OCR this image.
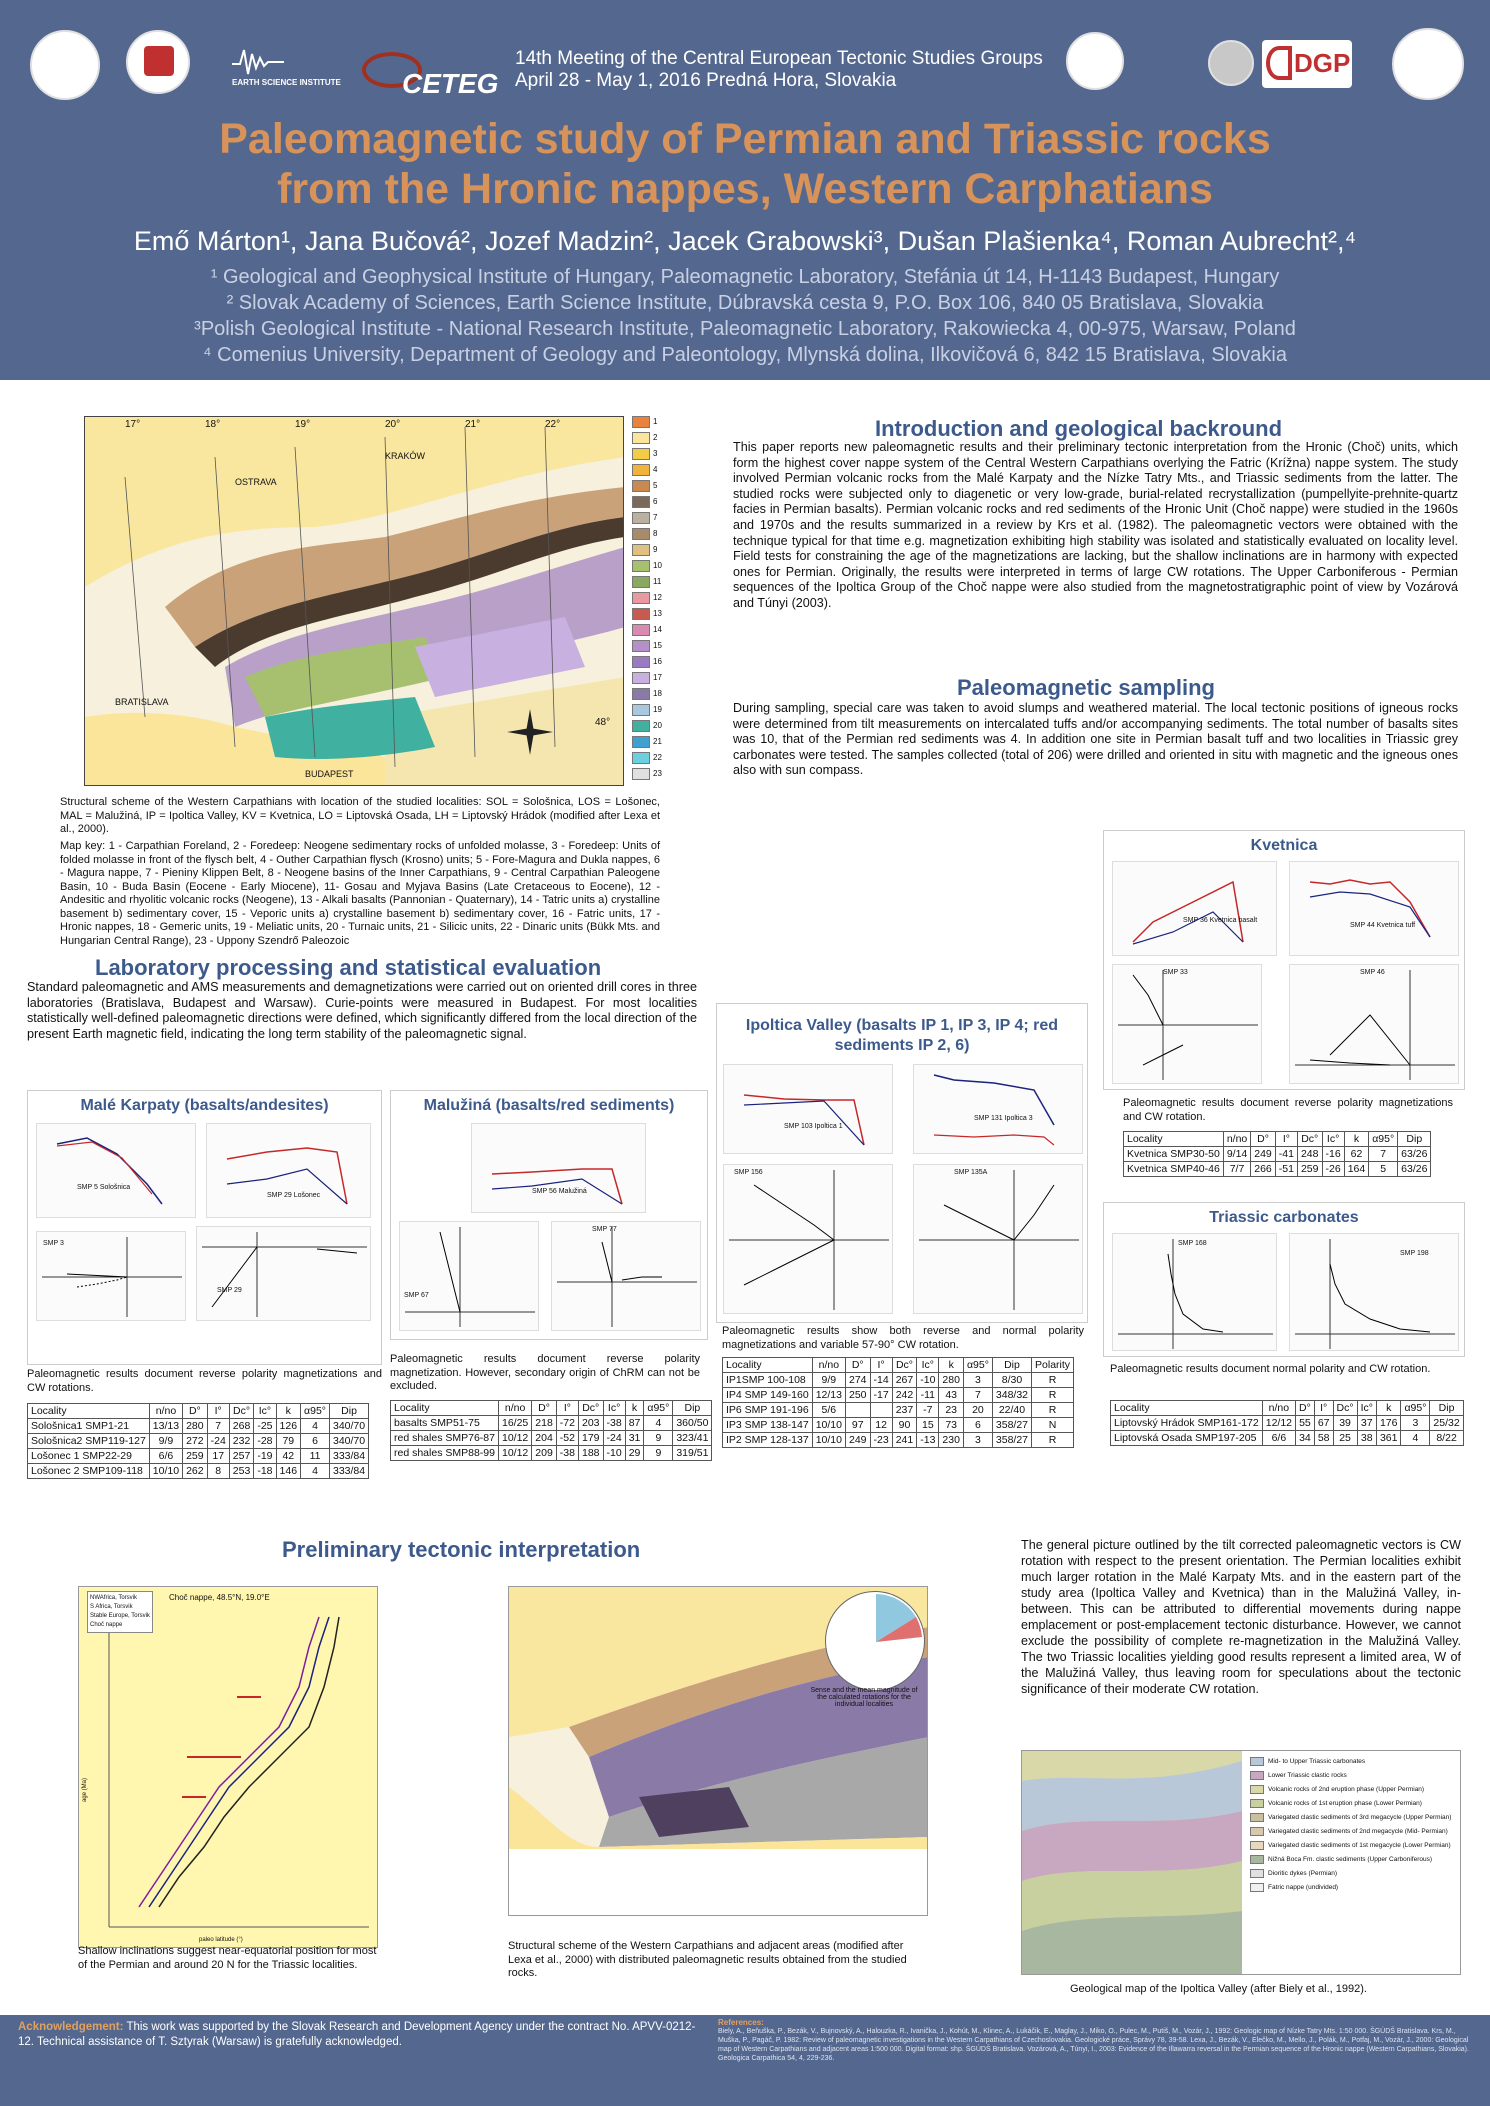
EARTH SCIENCE INSTITUTE CETEG
14th Meeting of the Central European Tectonic Studies Groups
April 28 - May 1, 2016 Predná Hora, Slovakia
DGP
Paleomagnetic study of Permian and Triassic rocks
from the Hronic nappes, Western Carphatians
Emő Márton¹, Jana Bučová², Jozef Madzin², Jacek Grabowski³, Dušan Plašienka⁴, Roman Aubrecht²,⁴
¹ Geological and Geophysical Institute of Hungary, Paleomagnetic Laboratory, Stefánia út 14, H-1143 Budapest, Hungary
² Slovak Academy of Sciences, Earth Science Institute, Dúbravská cesta 9, P.O. Box 106, 840 05 Bratislava, Slovakia
³Polish Geological Institute - National Research Institute, Paleomagnetic Laboratory, Rakowiecka 4, 00-975, Warsaw, Poland
⁴ Comenius University, Department of Geology and Paleontology, Mlynská dolina, Ilkovičová 6, 842 15 Bratislava, Slovakia
17°	18°	19°	20°	21°	22°
48°
OSTRAVA
KRAKÓW
BRATISLAVA
BUDAPEST
1
2
3
4
5
6
7
8
9
10
11
12
13
14
15
16
17
18
19
20
21
22
23
Structural scheme of the Western Carpathians with location of the studied localities: SOL = Sološnica, LOS = Lošonec, MAL = Malužiná, IP = Ipoltica Valley, KV = Kvetnica, LO = Liptovská Osada, LH = Liptovský Hrádok (modified after Lexa et al., 2000).
Map key: 1 - Carpathian Foreland, 2 - Foredeep: Neogene sedimentary rocks of unfolded molasse, 3 - Foredeep: Units of folded molasse in front of the flysch belt, 4 - Outher Carpathian flysch (Krosno) units; 5 - Fore-Magura and Dukla nappes, 6 - Magura nappe, 7 - Pieniny Klippen Belt, 8 - Neogene basins of the Inner Carpathians, 9 - Central Carpathian Paleogene Basin, 10 - Buda Basin (Eocene - Early Miocene), 11- Gosau and Myjava Basins (Late Cretaceous to Eocene), 12 - Andesitic and rhyolitic volcanic rocks (Neogene), 13 - Alkali basalts (Pannonian - Quaternary), 14 - Tatric units a) crystalline basement b) sedimentary cover, 15 - Veporic units a) crystalline basement b) sedimentary cover, 16 - Fatric units, 17 - Hronic nappes, 18 - Gemeric units, 19 - Meliatic units, 20 - Turnaic units, 21 - Silicic units, 22 - Dinaric units (Bükk Mts. and Hungarian Central Range), 23 - Uppony Szendrő Paleozoic
Introduction and geological backround
This paper reports new paleomagnetic results and their preliminary tectonic interpretation from the Hronic (Choč) units, which form the highest cover nappe system of the Central Western Carpathians overlying the Fatric (Krížna) nappe system. The study involved Permian volcanic rocks from the Malé Karpaty and the Nízke Tatry Mts., and Triassic sediments from the latter. The studied rocks were subjected only to diagenetic or very low-grade, burial-related recrystallization (pumpellyite-prehnite-quartz facies in Permian basalts). Permian volcanic rocks and red sediments of the Hronic Unit (Choč nappe) were studied in the 1960s and 1970s and the results summarized in a review by Krs et al. (1982). The paleomagnetic vectors were obtained with the technique typical for that time e.g. magnetization exhibiting high stability was isolated and statistically evaluated on locality level. Field tests for constraining the age of the magnetizations are lacking, but the shallow inclinations are in harmony with expected ones for Permian. Originally, the results were interpreted in terms of large CW rotations. The Upper Carboniferous - Permian sequences of the Ipoltica Group of the Choč nappe were also studied from the magnetostratigraphic point of view by Vozárová and Túnyi (2003).
Paleomagnetic sampling
During sampling, special care was taken to avoid slumps and weathered material. The local tectonic positions of igneous rocks were determined from tilt measurements on intercalated tuffs and/or accompanying sediments. The total number of basalts sites was 10, that of the Permian red sediments was 4. In addition one site in Permian basalt tuff and two localities in Triassic grey carbonates were tested. The samples collected (total of 206) were drilled and oriented in situ with magnetic and the igneous ones also with sun compass.
Laboratory processing and statistical evaluation
Standard paleomagnetic and AMS measurements and demagnetizations were carried out on oriented drill cores in three laboratories (Bratislava, Budapest and Warsaw). Curie-points were measured in Budapest. For most localities statistically well-defined paleomagnetic directions were defined, which significantly differed from the local direction of the present Earth magnetic field, indicating the long term stability of the paleomagnetic signal.
Malé Karpaty (basalts/andesites)
SMP 5 Sološnica
SMP 29 Lošonec
SMP 3
SMP 29
Paleomagnetic results document reverse polarity magnetizations and CW rotations.
Locality	n/no	D°	I°	Dc°	Ic°	k	α95°	Dip
Sološnica1 SMP1-21	13/13	280	7	268	-25	126	4	340/70
Sološnica2 SMP119-127	9/9	272	-24	232	-28	79	6	340/70
Lošonec 1 SMP22-29	6/6	259	17	257	-19	42	11	333/84
Lošonec 2 SMP109-118	10/10	262	8	253	-18	146	4	333/84
Malužiná (basalts/red sediments)
SMP 56 Malužiná
SMP 67
SMP 77
Paleomagnetic results document reverse polarity magnetization. However, secondary origin of ChRM can not be excluded.
Locality	n/no	D°	I°	Dc°	Ic°	k	α95°	Dip
basalts SMP51-75	16/25	218	-72	203	-38	87	4	360/50
red shales SMP76-87	10/12	204	-52	179	-24	31	9	323/41
red shales SMP88-99	10/12	209	-38	188	-10	29	9	319/51
Ipoltica Valley (basalts IP 1, IP 3, IP 4; red sediments IP 2, 6)
SMP 103 Ipoltica 1
SMP 131 Ipoltica 3
SMP 156	SMP 135A
Paleomagnetic results show both reverse and normal polarity magnetizations and variable 57-90° CW rotation.
Locality	n/no	D°	I°	Dc°	Ic°	k	α95°	Dip	Polarity
IP1SMP 100-108	9/9	274	-14	267	-10	280	3	8/30	R
IP4 SMP 149-160	12/13	250	-17	242	-11	43	7	348/32	R
IP6 SMP 191-196	5/6			237	-7	23	20	22/40	R
IP3 SMP 138-147	10/10	97	12	90	15	73	6	358/27	N
IP2 SMP 128-137	10/10	249	-23	241	-13	230	3	358/27	R
Kvetnica
SMP 36 Kvetnica basalt
SMP 44 Kvetnica tuff
SMP 33	SMP 46
Paleomagnetic results document reverse polarity magnetizations and CW rotation.
Locality	n/no	D°	I°	Dc°	Ic°	k	α95°	Dip
Kvetnica SMP30-50	9/14	249	-41	248	-16	62	7	63/26
Kvetnica SMP40-46	7/7	266	-51	259	-26	164	5	63/26
Triassic carbonates
SMP 168
SMP 198
Paleomagnetic results document normal polarity and CW rotation.
Locality	n/no	D°	I°	Dc°	Ic°	k	α95°	Dip
Liptovský Hrádok SMP161-172	12/12	55	67	39	37	176	3	25/32
Liptovská Osada SMP197-205	6/6	34	58	25	38	361	4	8/22
Preliminary tectonic interpretation
Choč nappe, 48.5°N, 19.0°E
NWAfrica, Torsvik
S Africa, Torsvik
Stable Europe, Torsvik
Choč nappe
paleo latitude (°)
age (Ma)
Shallow inclinations suggest near-equatorial position for most of the Permian and around 20 N for the Triassic localities.
Sense and the mean magnitude of the calculated rotations for the individual localities
Structural scheme of the Western Carpathians and adjacent areas (modified after Lexa et al., 2000) with distributed paleomagnetic results obtained from the studied rocks.
The general picture outlined by the tilt corrected paleomagnetic vectors is CW rotation with respect to the present orientation. The Permian localities exhibit much larger rotation in the Malé Karpaty Mts. and in the eastern part of the study area (Ipoltica Valley and Kvetnica) than in the Malužiná Valley, in-between. This can be attributed to differential movements during nappe emplacement or post-emplacement tectonic disturbance. However, we cannot exclude the possibility of complete re-magnetization in the Malužiná Valley. The two Triassic localities yielding good results represent a limited area, W of the Malužiná Valley, thus leaving room for speculations about the tectonic significance of their moderate CW rotation.
Mid- to Upper Triassic carbonates
Lower Triassic clastic rocks
Volcanic rocks of 2nd eruption phase (Upper Permian)
Volcanic rocks of 1st eruption phase (Lower Permian)
Variegated clastic sediments of 3rd megacycle (Upper Permian)
Variegated clastic sediments of 2nd megacycle (Mid- Permian)
Variegated clastic sediments of 1st megacycle (Lower Permian)
Nižná Boca Fm. clastic sediments (Upper Carboniferous)
Dioritic dykes (Permian)
Fatric nappe (undivided)
Geological map of the Ipoltica Valley (after Biely et al., 1992).
Acknowledgement: This work was supported by the Slovak Research and Development Agency under the contract No. APVV-0212-12. Technical assistance of T. Sztyrak (Warsaw) is gratefully acknowledged.
References:
Biely, A., Beňuška, P., Bezák, V., Bujnovský, A., Halouzka, R., Ivanička, J., Kohút, M., Klinec, A., Lukáčik, E., Maglay, J., Miko, O., Pulec, M., Putiš, M., Vozár, J., 1992: Geologic map of Nízke Tatry Mts. 1:50 000. ŠGÚDŠ Bratislava. Krs, M., Muška, P., Pagáč, P. 1982: Review of paleomagnetic investigations in the Western Carpathians of Czechoslovakia. Geologické práce, Správy 78, 39-58. Lexa, J., Bezák, V., Elečko, M., Mello, J., Polák, M., Potfaj, M., Vozár, J., 2000: Geological map of Western Carpathians and adjacent areas 1:500 000. Digital format: shp. ŠGÚDŠ Bratislava. Vozárová, A., Túnyi, I., 2003: Evidence of the Illawarra reversal in the Permian sequence of the Hronic nappe (Western Carpathians, Slovakia). Geologica Carpathica 54, 4, 229-236.
